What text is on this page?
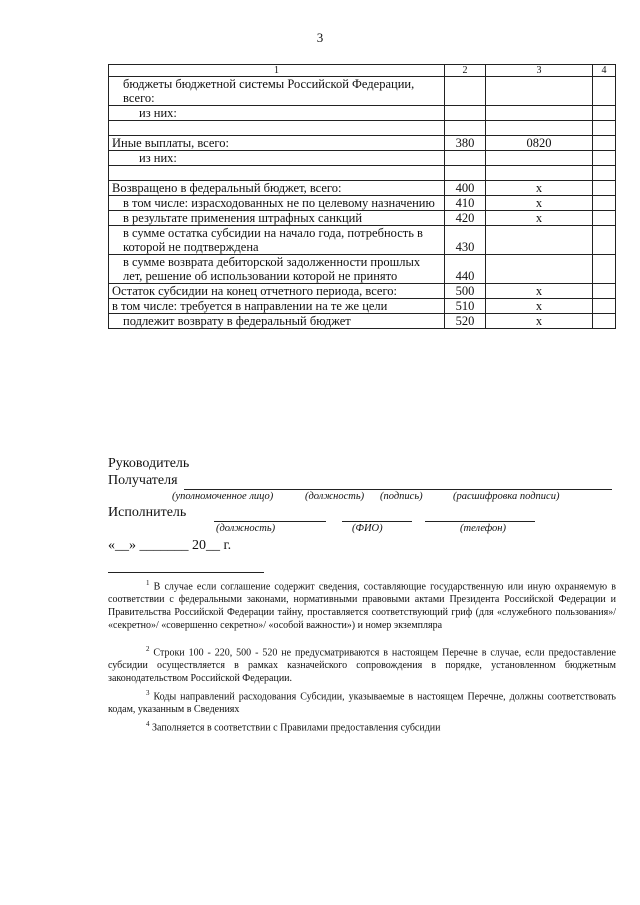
3
1	2	3	4
бюджеты бюджетной системы Российской Федерации, всего:			
из них:			

Иные выплаты, всего:	380	0820	
из них:			

Возвращено в федеральный бюджет, всего:	400	x	
в том числе: израсходованных не по целевому назначению	410	x	
в результате применения штрафных санкций	420	x	
в сумме остатка субсидии на начало года, потребность в которой не подтверждена	430		
в сумме возврата дебиторской задолженности прошлых лет, решение об использовании которой не принято	440		
Остаток субсидии на конец отчетного периода, всего:	500	x	
в том числе: требуется в направлении на те же цели	510	x	
подлежит возврату в федеральный бюджет	520	x	
Руководитель
Получателя
(уполномоченное лицо)	(должность) (подпись)	(расшифровка подписи)
Исполнитель
(должность)	(ФИО)	(телефон)
«__» _______ 20__ г.
$^1$ В случае если соглашение содержит сведения, составляющие государственную или иную охраняемую в соответствии с федеральными законами, нормативными правовыми актами Президента Российской Федерации и Правительства Российской Федерации тайну, проставляется соответствующий гриф (для «служебного пользования»/ «секретно»/ «совершенно секретно»/ «особой важности») и номер экземпляра
$^2$ Строки 100 - 220, 500 - 520 не предусматриваются в настоящем Перечне в случае, если предоставление субсидии осуществляется в рамках казначейского сопровождения в порядке, установленном бюджетным законодательством Российской Федерации.
$^3$ Коды направлений расходования Субсидии, указываемые в настоящем Перечне, должны соответствовать кодам, указанным в Сведениях
$^4$ Заполняется в соответствии с Правилами предоставления субсидии
